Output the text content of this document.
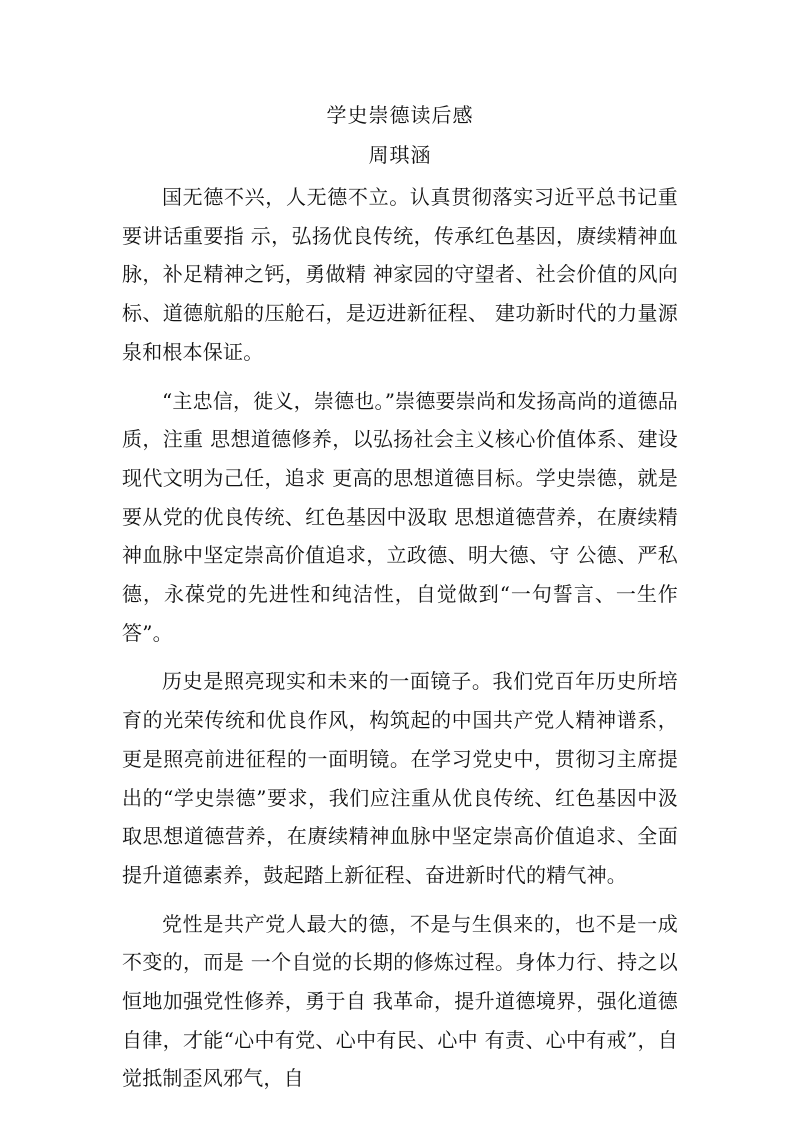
学史崇德读后感
周琪涵

国无德不兴，人无德不立。认真贯彻落实习近平总书记重要讲话重要指 示，弘扬优良传统，传承红色基因，赓续精神血脉，补足精神之钙，勇做精 神家园的守望者、社会价值的风向标、道德航船的压舱石，是迈进新征程、 建功新时代的力量源泉和根本保证。

“主忠信，徙义，崇德也。”崇德要崇尚和发扬高尚的道德品质，注重 思想道德修养，以弘扬社会主义核心价值体系、建设现代文明为己任，追求 更高的思想道德目标。学史崇德，就是要从党的优良传统、红色基因中汲取 思想道德营养，在赓续精神血脉中坚定崇高价值追求，立政德、明大德、守 公德、严私德，永葆党的先进性和纯洁性，自觉做到“一句誓言、一生作 答”。

历史是照亮现实和未来的一面镜子。我们党百年历史所培育的光荣传统和优良作风，构筑起的中国共产党人精神谱系，更是照亮前进征程的一面明镜。在学习党史中，贯彻习主席提出的“学史崇德”要求，我们应注重从优良传统、红色基因中汲取思想道德营养，在赓续精神血脉中坚定崇高价值追求、全面提升道德素养，鼓起踏上新征程、奋进新时代的精气神。

党性是共产党人最大的德，不是与生俱来的，也不是一成不变的，而是 一个自觉的长期的修炼过程。身体力行、持之以恒地加强党性修养，勇于自 我革命，提升道德境界，强化道德自律，才能“心中有党、心中有民、心中 有责、心中有戒”，自觉抵制歪风邪气，自
